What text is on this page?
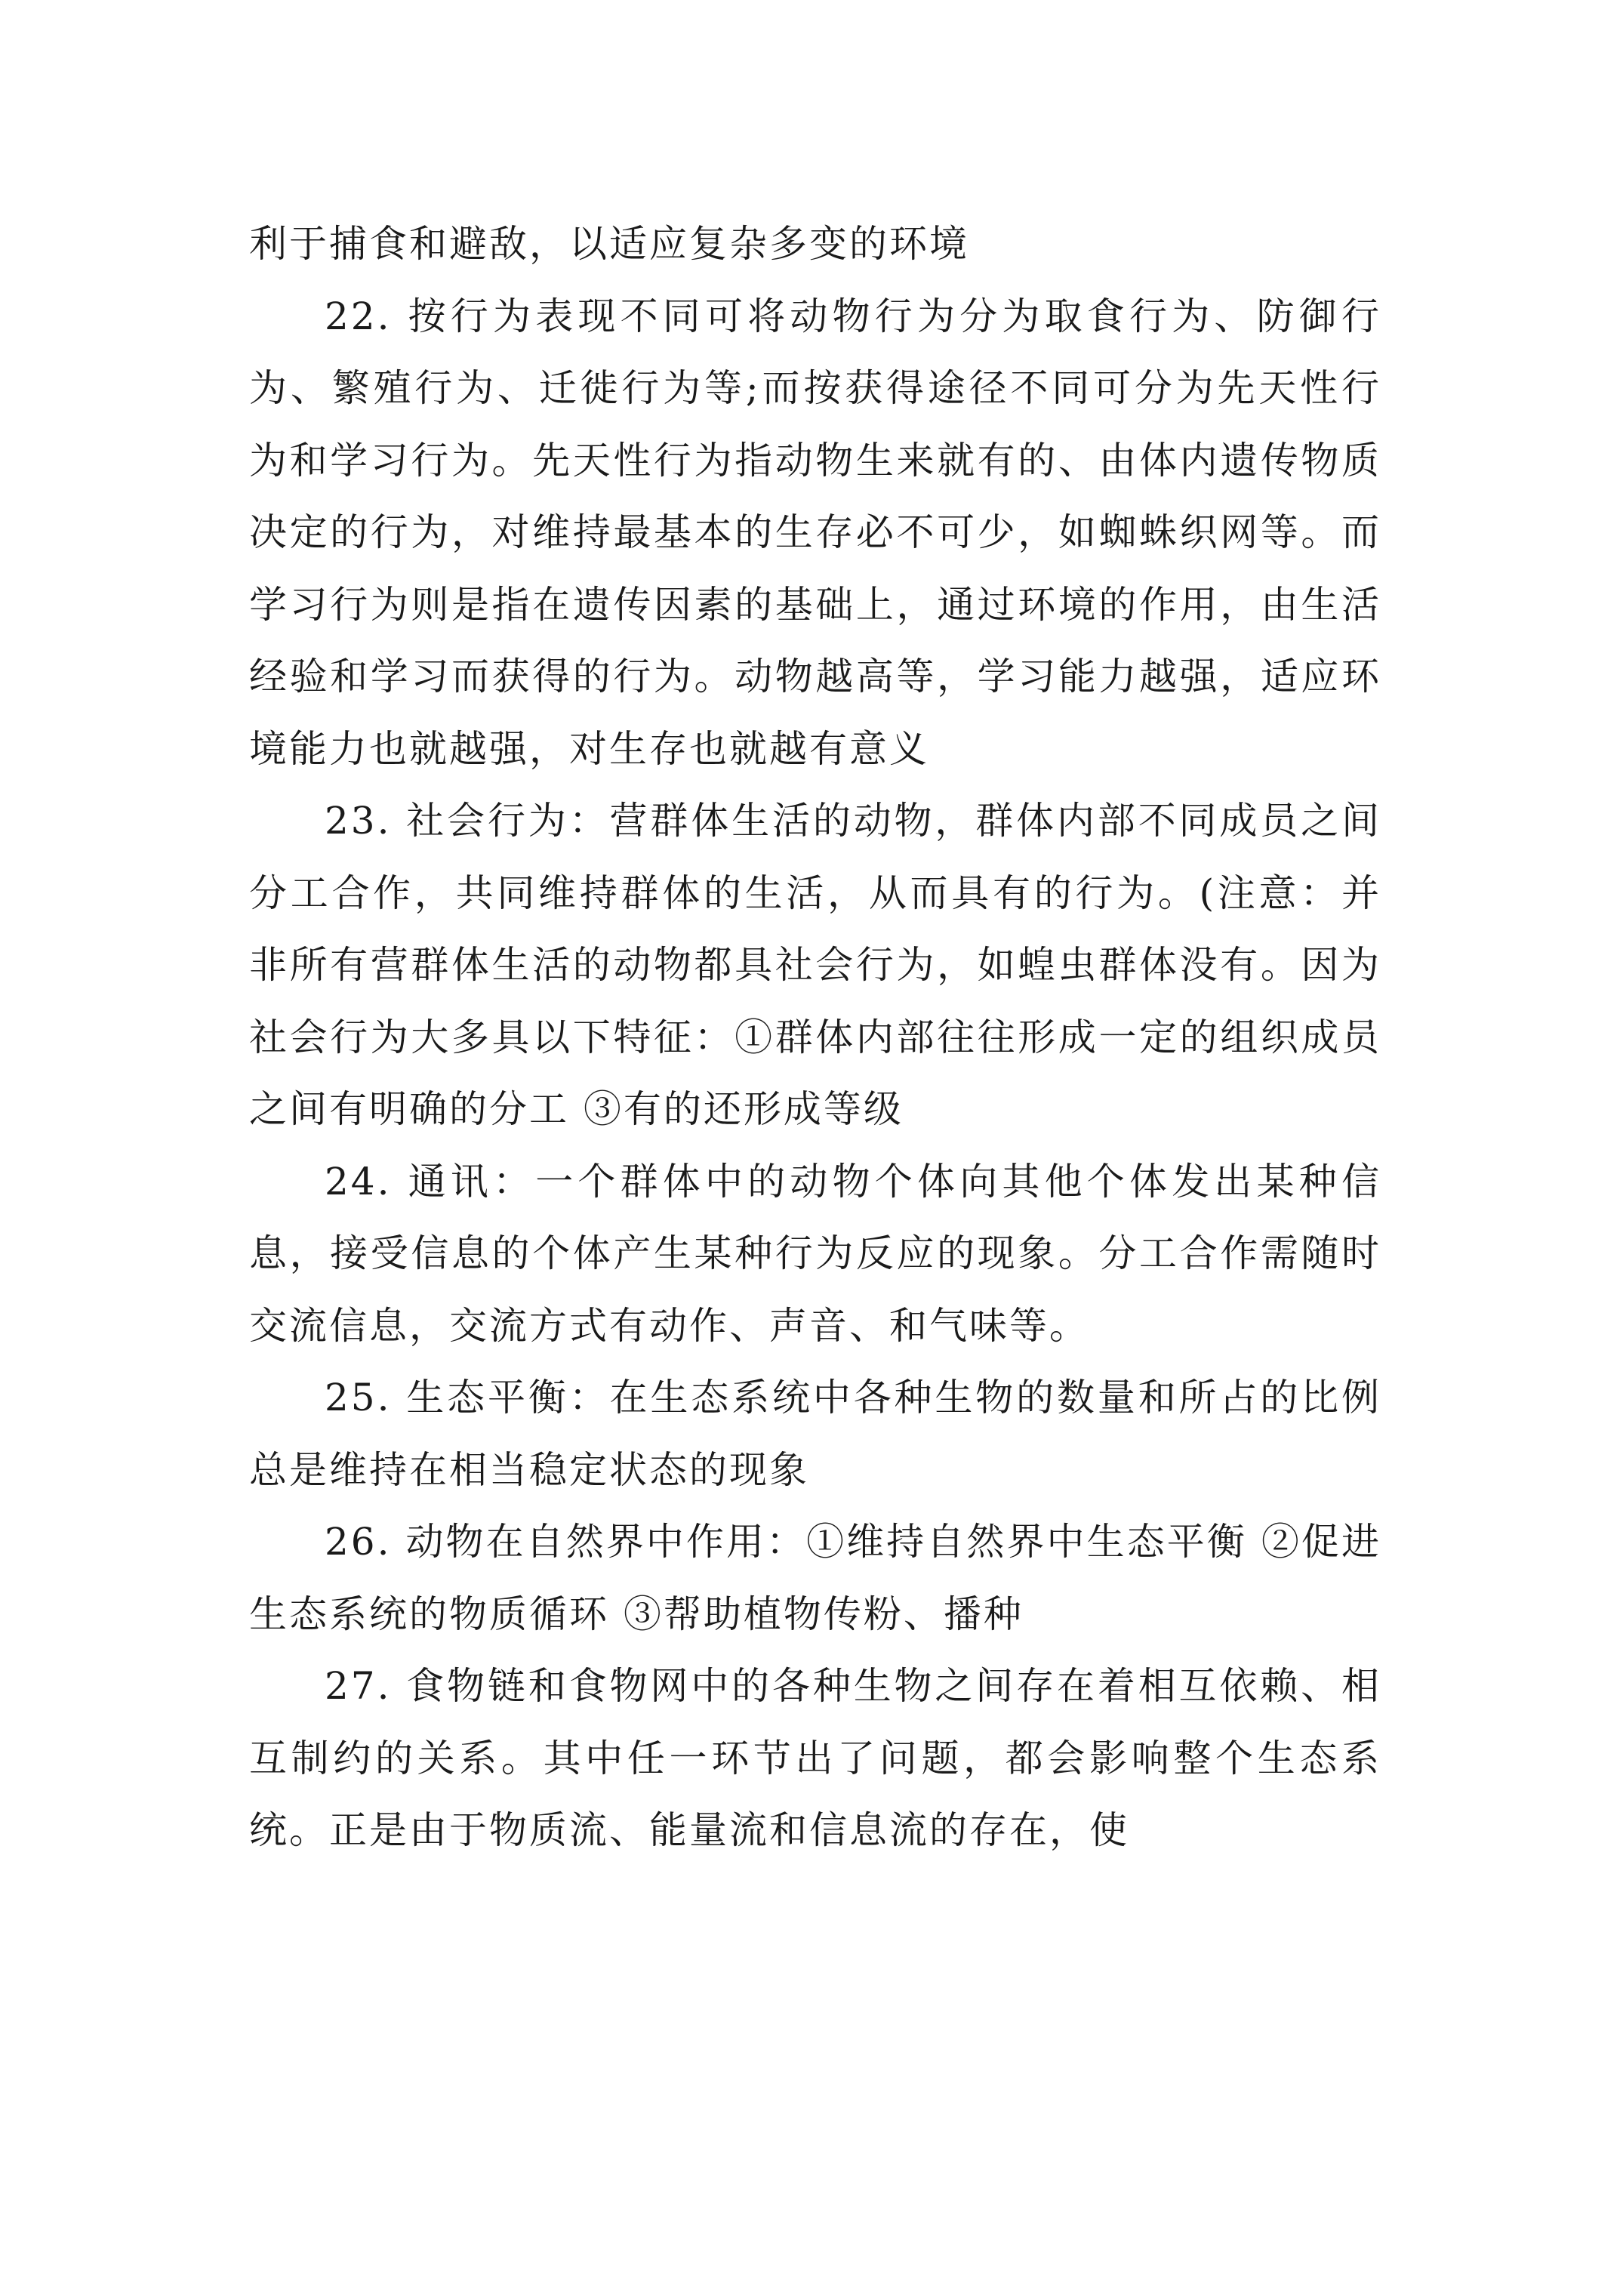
利于捕食和避敌，以适应复杂多变的环境

22. 按行为表现不同可将动物行为分为取食行为、防御行为、繁殖行为、迁徙行为等;而按获得途径不同可分为先天性行为和学习行为。先天性行为指动物生来就有的、由体内遗传物质决定的行为，对维持最基本的生存必不可少，如蜘蛛织网等。而学习行为则是指在遗传因素的基础上，通过环境的作用，由生活经验和学习而获得的行为。动物越高等，学习能力越强，适应环境能力也就越强，对生存也就越有意义

23. 社会行为：营群体生活的动物，群体内部不同成员之间分工合作，共同维持群体的生活，从而具有的行为。(注意：并非所有营群体生活的动物都具社会行为，如蝗虫群体没有。因为社会行为大多具以下特征：①群体内部往往形成一定的组织成员之间有明确的分工 ③有的还形成等级

24. 通讯：一个群体中的动物个体向其他个体发出某种信息，接受信息的个体产生某种行为反应的现象。分工合作需随时交流信息，交流方式有动作、声音、和气味等。

25. 生态平衡：在生态系统中各种生物的数量和所占的比例总是维持在相当稳定状态的现象

26. 动物在自然界中作用：①维持自然界中生态平衡 ②促进生态系统的物质循环 ③帮助植物传粉、播种

27. 食物链和食物网中的各种生物之间存在着相互依赖、相互制约的关系。其中任一环节出了问题，都会影响整个生态系统。正是由于物质流、能量流和信息流的存在，使
